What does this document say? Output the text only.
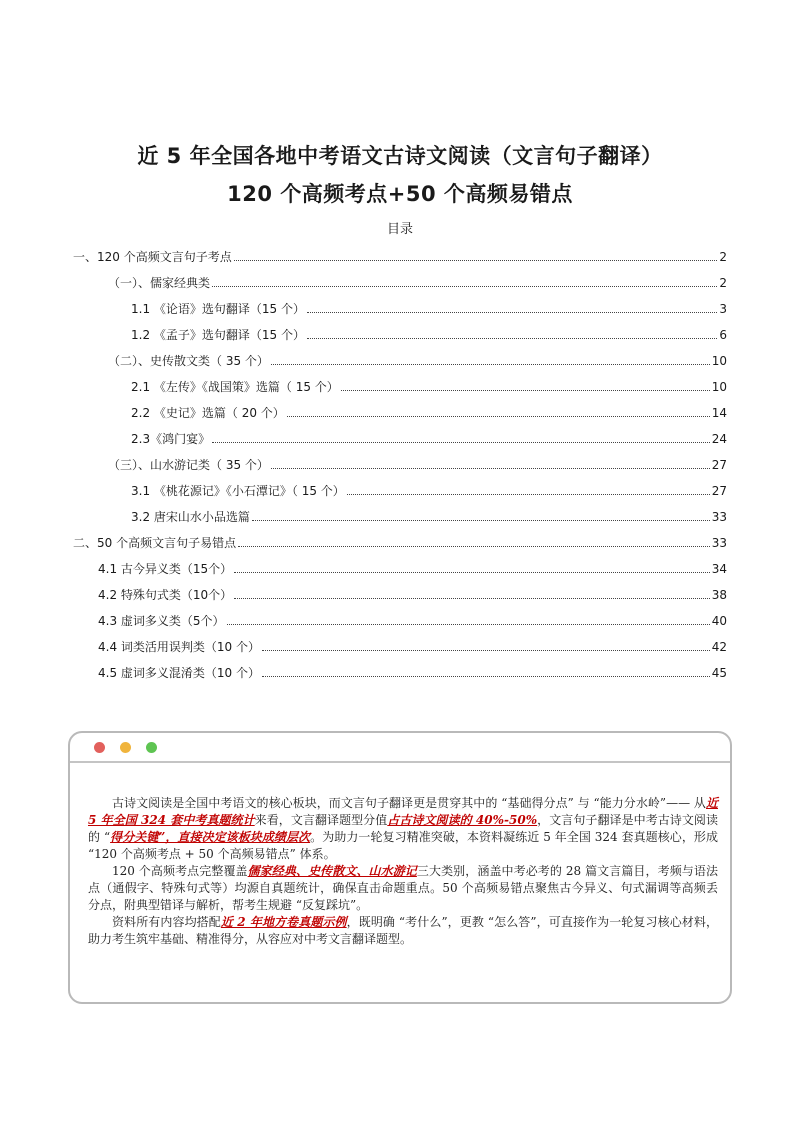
近 5 年全国各地中考语文古诗文阅读（文言句子翻译）
120 个高频考点+50 个高频易错点
目录
一、120 个高频文言句子考点	2
（一）、儒家经典类	2
1.1 《论语》选句翻译（15 个）	3
1.2 《孟子》选句翻译（15 个）	6
（二）、史传散文类（ 35 个）	10
2.1 《左传》《战国策》选篇（ 15 个）	10
2.2 《史记》选篇（ 20 个）	14
2.3《鸿门宴》	24
（三）、山水游记类（ 35 个）	27
3.1 《桃花源记》《小石潭记》（ 15 个）	27
3.2 唐宋山水小品选篇	33
二、50 个高频文言句子易错点	33
4.1 古今异义类（15个）	34
4.2 特殊句式类（10个）	38
4.3 虚词多义类（5个）	40
4.4 词类活用误判类（10 个）	42
4.5 虚词多义混淆类（10 个）	45

古诗文阅读是全国中考语文的核心板块，而文言句子翻译更是贯穿其中的 “基础得分点” 与 “能力分水岭”—— 从近 5 年全国 324 套中考真题统计来看，文言翻译题型分值占古诗文阅读的 40%-50%，文言句子翻译是中考古诗文阅读的 “得分关键”，直接决定该板块成绩层次。为助力一轮复习精准突破，本资料凝练近 5 年全国 324 套真题核心，形成 “120 个高频考点 + 50 个高频易错点” 体系。

120 个高频考点完整覆盖儒家经典、史传散文、山水游记三大类别，涵盖中考必考的 28 篇文言篇目，考频与语法点（通假字、特殊句式等）均源自真题统计，确保直击命题重点。50 个高频易错点聚焦古今异义、句式漏调等高频丢分点，附典型错译与解析，帮考生规避 “反复踩坑”。

资料所有内容均搭配近 2 年地方卷真题示例，既明确 “考什么”，更教 “怎么答”，可直接作为一轮复习核心材料，助力考生筑牢基础、精准得分，从容应对中考文言翻译题型。
